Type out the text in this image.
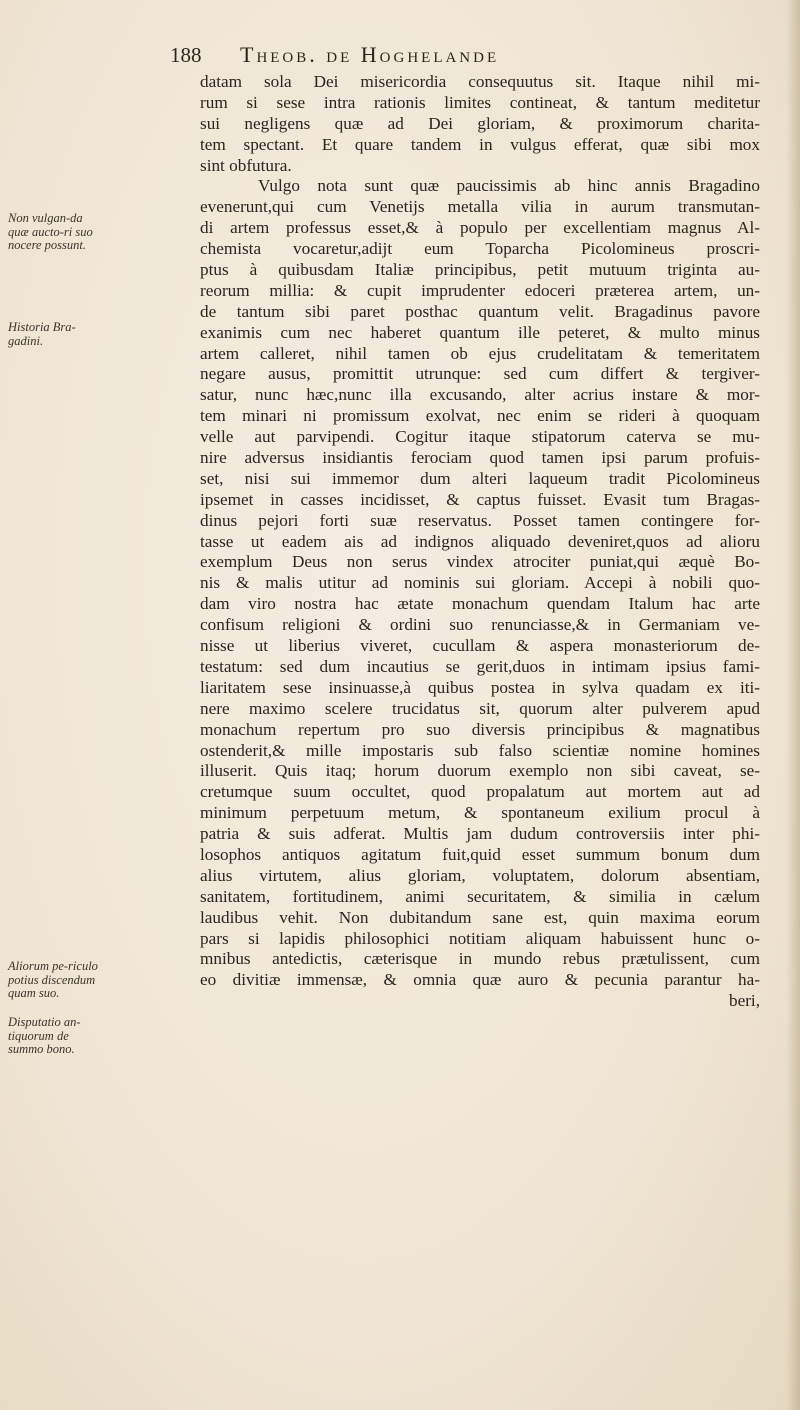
188	Theob. de Hoghelande
Non vulgan-da quæ aucto-ri suo nocere possunt.
Historia Bra-gadini.
Aliorum pe-riculo potius discendum quam suo.
Disputatio an-tiquorum de summo bono.
datam sola Dei misericordia consequutus sit. Itaque nihil mi-
rum si sese intra rationis limites contineat, & tantum meditetur
sui negligens quæ ad Dei gloriam, & proximorum charita-
tem spectant. Et quare tandem in vulgus efferat, quæ sibi mox
sint obfutura.
Vulgo nota sunt quæ paucissimis ab hinc annis Bragadino
evenerunt,qui cum Venetijs metalla vilia in aurum transmutan-
di artem professus esset,& à populo per excellentiam magnus Al-
chemista vocaretur,adijt eum Toparcha Picolomineus proscri-
ptus à quibusdam Italiæ principibus, petit mutuum triginta au-
reorum millia: & cupit imprudenter edoceri præterea artem, un-
de tantum sibi paret posthac quantum velit. Bragadinus pavore
exanimis cum nec haberet quantum ille peteret, & multo minus
artem calleret, nihil tamen ob ejus crudelitatam & temeritatem
negare ausus, promittit utrunque: sed cum differt & tergiver-
satur, nunc hæc,nunc illa excusando, alter acrius instare & mor-
tem minari ni promissum exolvat, nec enim se rideri à quoquam
velle aut parvipendi. Cogitur itaque stipatorum caterva se mu-
nire adversus insidiantis ferociam quod tamen ipsi parum profuis-
set, nisi sui immemor dum alteri laqueum tradit Picolomineus
ipsemet in casses incidisset, & captus fuisset. Evasit tum Bragas-
dinus pejori forti suæ reservatus. Posset tamen contingere for-
tasse ut eadem ais ad indignos aliquado deveniret,quos ad alioru
exemplum Deus non serus vindex atrociter puniat,qui æquè Bo-
nis & malis utitur ad nominis sui gloriam. Accepi à nobili quo-
dam viro nostra hac ætate monachum quendam Italum hac arte
confisum religioni & ordini suo renunciasse,& in Germaniam ve-
nisse ut liberius viveret, cucullam & aspera monasteriorum de-
testatum: sed dum incautius se gerit,duos in intimam ipsius fami-
liaritatem sese insinuasse,à quibus postea in sylva quadam ex iti-
nere maximo scelere trucidatus sit, quorum alter pulverem apud
monachum repertum pro suo diversis principibus & magnatibus
ostenderit,& mille impostaris sub falso scientiæ nomine homines
illuserit. Quis itaq; horum duorum exemplo non sibi caveat, se-
cretumque suum occultet, quod propalatum aut mortem aut ad
minimum perpetuum metum, & spontaneum exilium procul à
patria & suis adferat. Multis jam dudum controversiis inter phi-
losophos antiquos agitatum fuit,quid esset summum bonum dum
alius virtutem, alius gloriam, voluptatem, dolorum absentiam,
sanitatem, fortitudinem, animi securitatem, & similia in cælum
laudibus vehit. Non dubitandum sane est, quin maxima eorum
pars si lapidis philosophici notitiam aliquam habuissent hunc o-
mnibus antedictis, cæterisque in mundo rebus prætulissent, cum
eo divitiæ immensæ, & omnia quæ auro & pecunia parantur ha-
beri,
